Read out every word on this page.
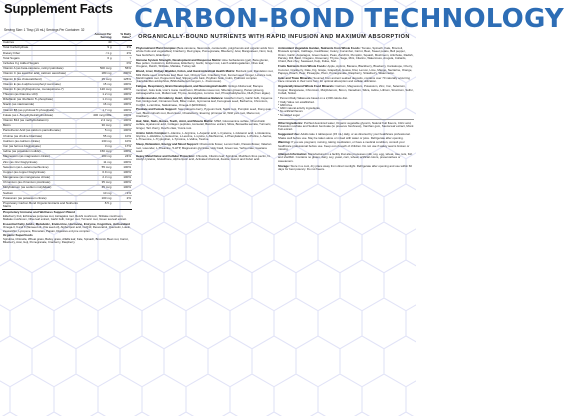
Supplement Facts
Serving Size: 1 Tbsp (15 mL) Servings Per Container: 32
	Amount Per Serving	% Daily Value*
Calories	40	
Total Carbohydrate	9 g	3%
Dietary Fiber	<1 g	2%
Total Sugars	6 g	†
Includes 0 g Added Sugars		0%
Vitamin A (as beta-carotene, retinyl palmitate)	500 mcg	56%
Vitamin C (as ascorbic acid, calcium ascorbate)	180 mg	200%
Vitamin D (as cholecalciferol)	25 mcg	125%
Vitamin E (as d-alpha tocopheryl succinate)	15 mg	100%
Vitamin K (as phylloquinone, menaquinone-7)	120 mcg	100%
Thiamin (as thiamine HCl)	1.2 mg	100%
Riboflavin (as riboflavin 5'-phosphate)	1.3 mg	100%
Niacin (as niacinamide)	16 mg	100%
Vitamin B6 (as pyridoxal 5'-phosphate)	1.7 mg	100%
Folate (as L-5-methyltetrahydrofolate)	400 mcg DFE	100%
Vitamin B12 (as methylcobalamin)	2.4 mcg	100%
Biotin	30 mcg	100%
Pantothenic Acid (as calcium pantothenate)	5 mg	100%
Choline (as choline bitartrate)	55 mg	10%
Calcium (as calcium citrate)	130 mg	10%
Iron (as ferrous bisglycinate)	3 mg	17%
Iodine (as potassium iodide)	150 mcg	100%
Magnesium (as magnesium citrate)	100 mg	24%
Zinc (as zinc bisglycinate)	11 mg	100%
Selenium (as L-selenomethionine)	55 mcg	100%
Copper (as copper bisglycinate)	0.9 mg	100%
Manganese (as manganese citrate)	2.3 mg	100%
Chromium (as chromium picolinate)	35 mcg	100%
Molybdenum (as sodium molybdate)	45 mcg	100%
Sodium	10 mg	<1%
Potassium (as potassium citrate)	100 mg	2%
Proprietary Carbon Bond Organic Extracts and Nutrients Matrix	8.5 g	†
Proprietary Immune and Wellness Support Blend
Elderberry fruit, Echinacea purpurea root, Astragalus root, Reishi mushroom, Shiitake mushroom, Maitake mushroom, Olive leaf extract, Garlic bulb, Ginger root, Turmeric root, Green tea leaf extract.
Essential Fatty Acids, Metabolic, Endocrine, Hormone, Enzyme, Cognitive, Antioxidant
Omega-3, 6 and 9 (flaxseed oil, chia seed oil), Alpha lipoic acid, CoQ10, Resveratrol, Quercetin, Lutein, Zeaxanthin, Lycopene, Bromelain, Papain, Digestive enzyme complex.
Organic Superfoods
Spirulina, Chlorella, Wheat grass, Barley grass, Alfalfa leaf, Kale, Spinach, Broccoli, Beet root, Carrot, Blueberry, Acai, Goji, Pomegranate, Cranberry, Raspberry.
CARBON-BOND TECHNOLOGY
ORGANICALLY-BOUND NUTRIENTS WITH RAPID INFUSION AND MAXIMUM ABSORPTION
Phytonutrient Plant Complex (Beta carotene, flavonoids, carotenoids, polyphenols and organic acids from whole fruits and vegetables) Cranberry, Red grape, Pomegranate, Blueberry, Acai, Mangosteen, Noni, Goji, Sea buckthorn, Elderberry.
Immune System Strength, Development and Response Matrix: Aloe barbadensis (gel), Beta glucan, Bee pollen, Colostrum, Echinacea, Elderberry, Garlic, Ginger root, Larch arabinogalactan, Olive leaf, Oregano, Reishi, Shiitake, Maitake, Turkey tail.
Blood, Liver, Kidney, Bladder, Colon, and Gastrointestinal Health Matrix: Burdock root, Dandelion root, Milk thistle seed, Artichoke leaf, Beet root, Chicory root, Cranberry fruit, Fennel seed, Ginger, Licorice root, Marshmallow root, Peppermint leaf, Slippery elm bark, Psyllium husk, Inulin, Probiotic complex (Lactobacillus acidophilus, Bifidobacterium longum, L. rhamnosus).
Fatigue, Respiratory, Brain Development, and Neurological Health: Ginkgo biloba leaf, Bacopa monnieri, Gotu kola, Lion's mane mushroom, Rhodiola rosea root, Siberian ginseng, Panax ginseng, Ashwagandha root, Mullein leaf, Thyme, Eucalyptus, Licorice root, Phosphatidylserine, DHA (from algae).
Cardiovascular, Circulatory, Heart, Artery and Glucose Balance: Hawthorn berry, Garlic bulb, Cayenne fruit, Ginkgo leaf, Cinnamon bark, Bitter melon, Gymnema leaf, Fenugreek seed, Berberine, Chromium, CoQ10, L-carnitine, Nattokinase, Omega-3 (EPA/DHA).
Prostate and Female Support: Saw palmetto berry, Pygeum bark, Nettle root, Pumpkin seed, Dong quai root, Black cohosh root, Red clover, Chasteberry, Evening primrose oil, Wild yam root, Maca root, Cranberry.
Hair, Skin, Nails, Bones, Teeth, Joint, and Muscle Matrix: MSM, Glucosamine sulfate, Chondroitin sulfate, Hyaluronic acid, Collagen peptides, Horsetail, Bamboo extract, Silica, Boswellia serrata, Turmeric, Ginger, Tart cherry, Devil's claw, Yucca root.
Amino Acids Complex: L-Alanine, L-Arginine, L-Aspartic acid, L-Cysteine, L-Glutamic acid, L-Glutamine, Glycine, L-Histidine, L-Isoleucine, L-Leucine, L-Lysine, L-Methionine, L-Phenylalanine, L-Proline, L-Serine, L-Threonine, L-Tryptophan, L-Tyrosine, L-Valine, Taurine.
Sleep, Relaxation, Energy and Mood Support: Chamomile flower, Lemon balm, Passionflower, Valerian root, Lavender, L-Theanine, 5-HTP, Magnesium glycinate, Holy basil, Green tea, Yerba mate, Guarana seed.
Heavy Metal Detox and Cellular Protection: Chlorella, Cilantro leaf, Spirulina, Modified citrus pectin, N-Acetyl cysteine, Glutathione, Alpha lipoic acid, Activated charcoal, Zeolite, Humic and Fulvic acid.
Antioxidant Vegetable Garden, Nutrients from Whole Foods: Tomato, Spinach, Kale, Broccoli, Brussels sprouts, Cabbage, Cauliflower, Celery, Cucumber, Carrot, Beet, Sweet potato, Bell pepper, Onion, Garlic, Asparagus, Green beans, Peas, Zucchini, Pumpkin, Squash, Mushroom, Artichoke, Radish, Parsley, Dill, Basil, Oregano, Rosemary, Thyme, Sage, Mint, Cilantro, Watercress, Arugula, Collards, Chard, Bok choy, Seaweed, Kelp, Dulse, Nori.
Fruits Nutrients from Whole Foods: Apple, Apricot, Banana, Blackberry, Blueberry, Cantaloupe, Cherry, Coconut, Cranberry, Date, Fig, Grape, Grapefruit, Guava, Kiwi, Lemon, Lime, Mango, Nectarine, Orange, Papaya, Peach, Pear, Pineapple, Plum, Pomegranate, Raspberry, Strawberry, Watermelon.
Ionic and Trace Minerals: Sourced from ancient seabed deposits, contains over 70 naturally occurring trace minerals in their ionic form for optimal absorption and cellular utilization.
Organically Bound Whole Food Minerals: Calcium, Magnesium, Potassium, Zinc, Iron, Selenium, Copper, Manganese, Chromium, Molybdenum, Boron, Vanadium, Silica, Iodine, Lithium, Strontium, Sulfur, Cobalt, Nickel.
* Percent Daily Values are based on a 2,000 calorie diet.
† Daily Value not established.
* GMO-free
* GMO natural activity ingredients
* No artificial flavors
* No added sugar
Other Ingredients: Purified deionized water, Organic vegetable glycerin, Natural fruit flavors, Citric acid, Potassium sorbate and Sodium benzoate (to preserve freshness), Xanthan gum, Stevia leaf extract, Monk fruit extract.
Suggested Use: Adults take 1 tablespoon (15 mL) daily, or as directed by your healthcare professional. Shake well before use. May be taken alone or mixed with water or juice. Refrigerate after opening.
Warning: If you are pregnant, nursing, taking medication, or have a medical condition, consult your healthcare professional before use. Keep out of reach of children. Do not use if safety seal is broken or missing.
Allergen Information: Manufactured in a facility that also processes milk, soy, egg, wheat, tree nuts, fish and shellfish. Contains no gluten, dairy, soy, yeast, corn, wheat, artificial colors, preservatives or sweeteners.
Storage: Store in a cool, dry place away from direct sunlight. Refrigerate after opening and use within 60 days for best potency. Do not freeze.
